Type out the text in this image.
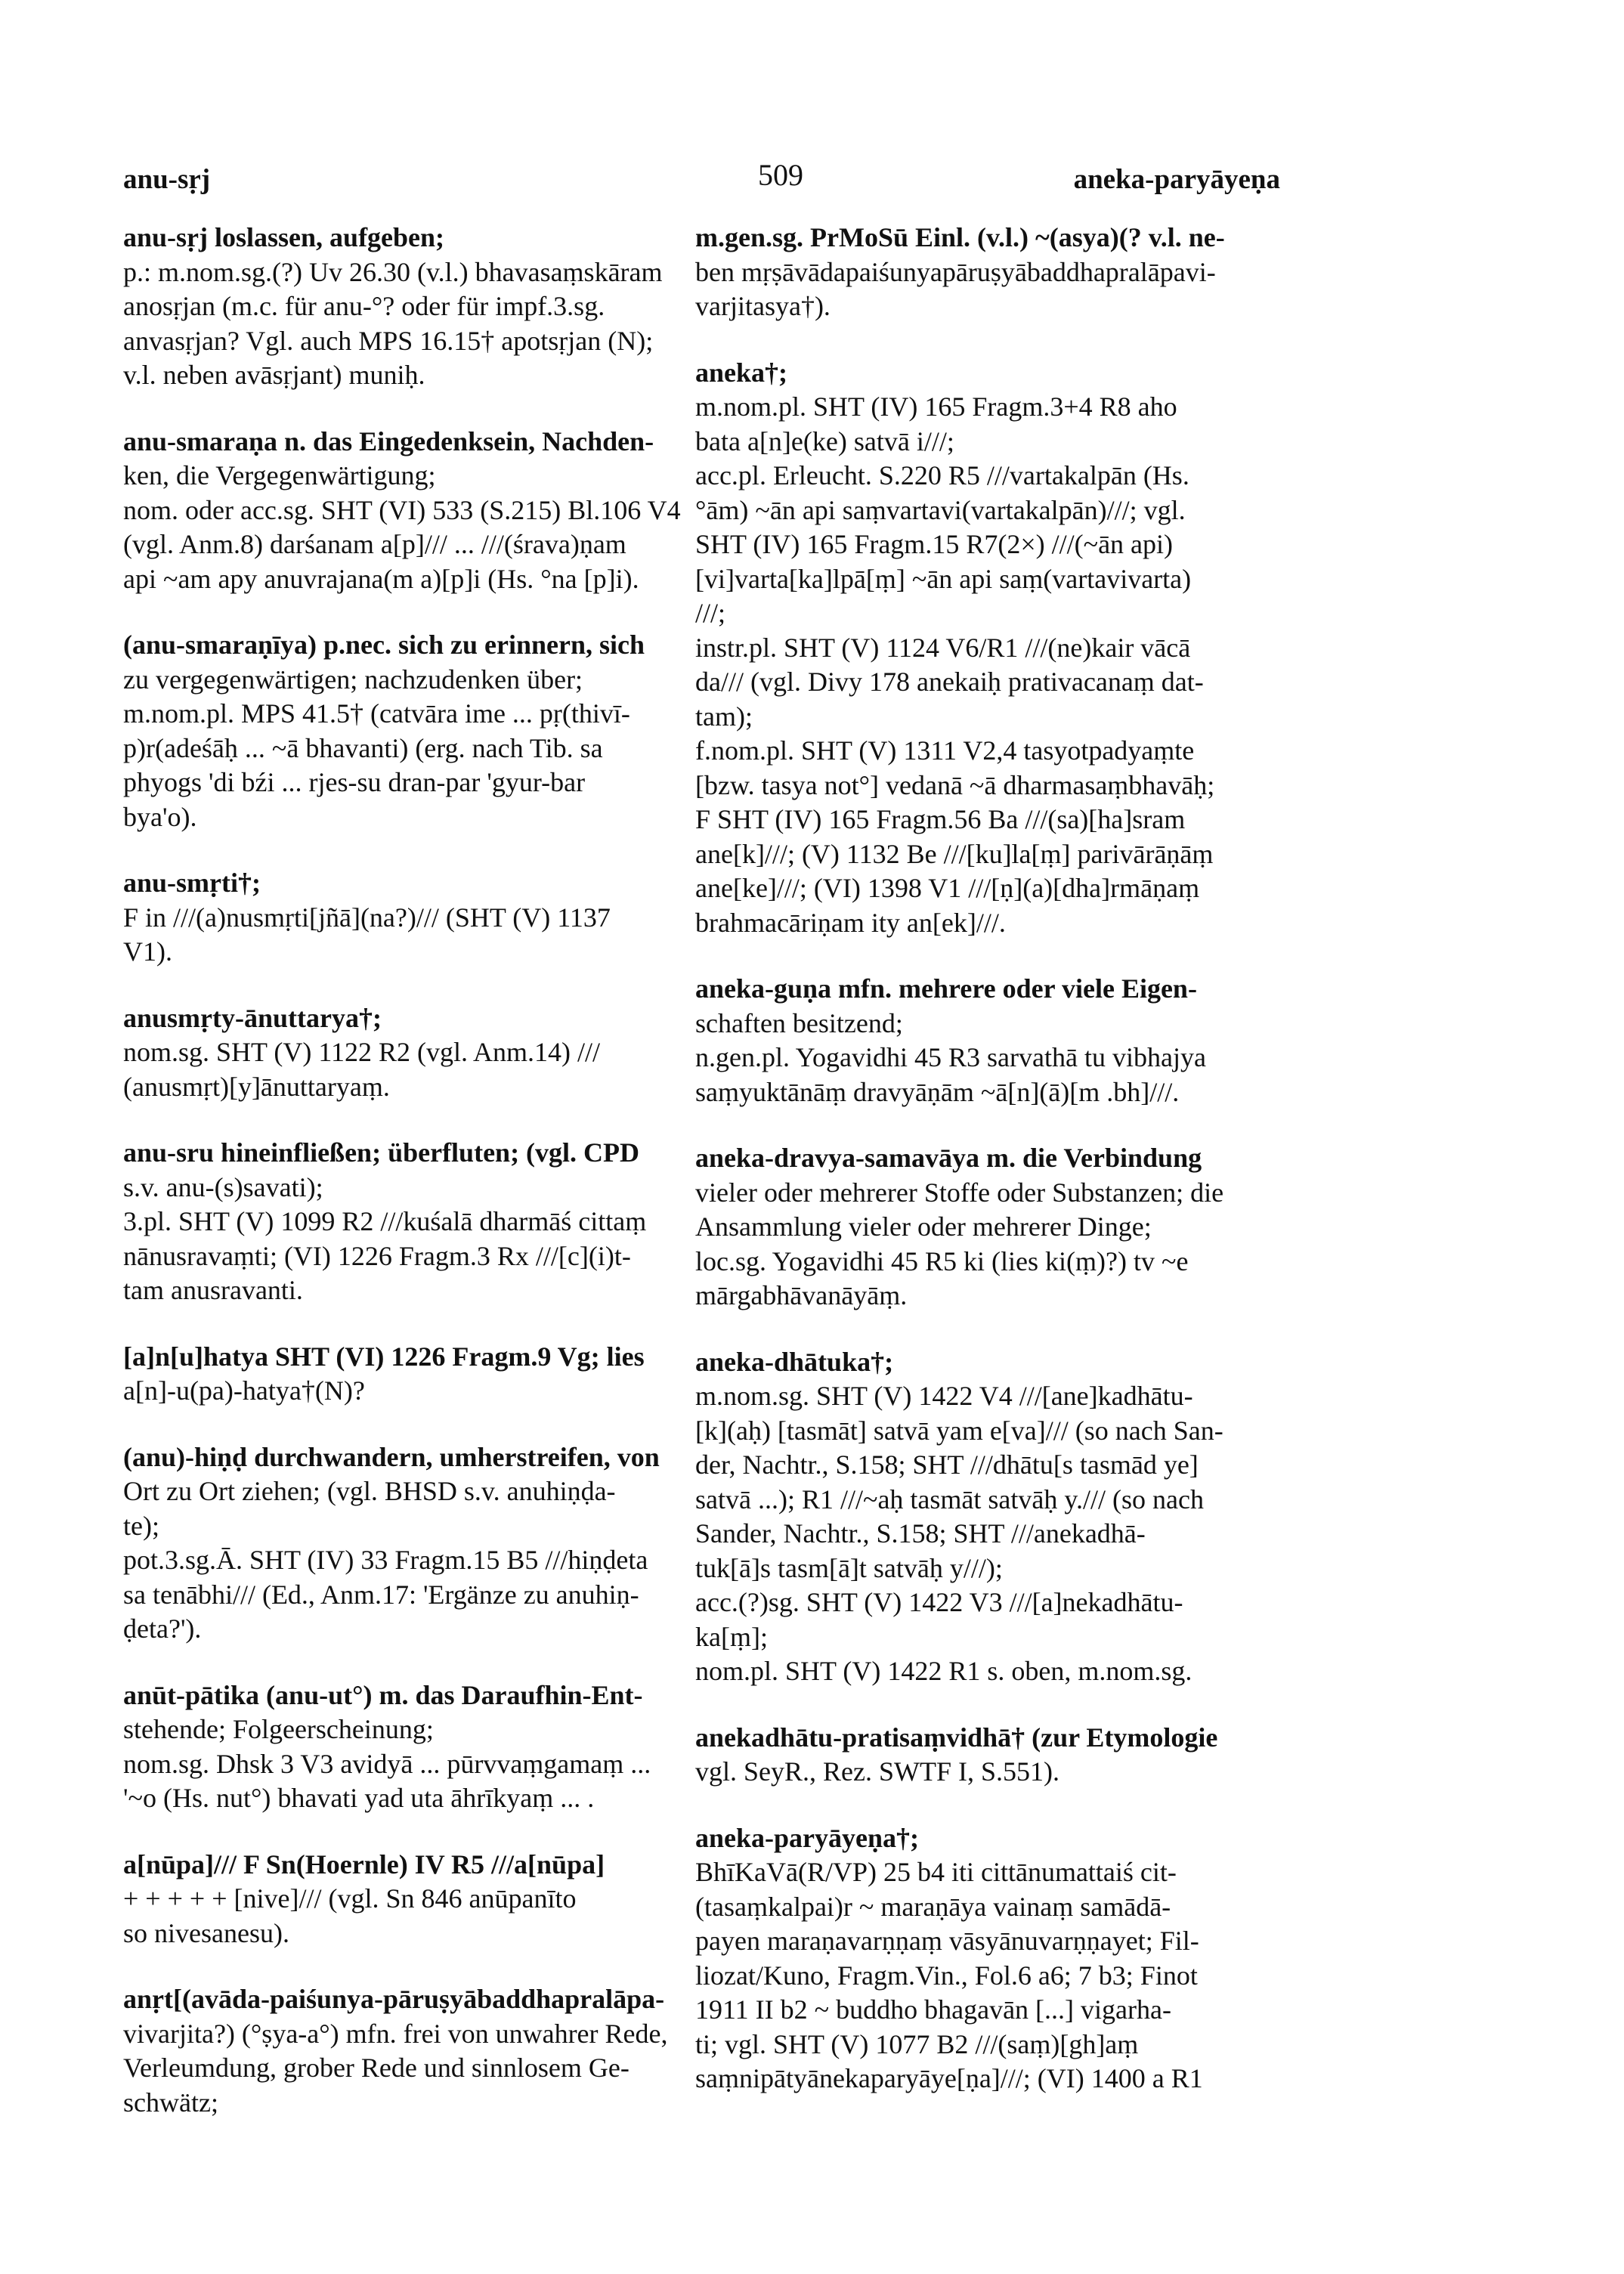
anu-sṛj	509	aneka-paryāyeṇa
anu-sṛj loslassen, aufgeben;
p.: m.nom.sg.(?) Uv 26.30 (v.l.) bhavasaṃskāram
anosṛjan (m.c. für anu-°? oder für impf.3.sg.
anvasṛjan? Vgl. auch MPS 16.15† apotsṛjan (N);
v.l. neben avāsṛjant) muniḥ.
anu-smaraṇa n. das Eingedenksein, Nachden-
ken, die Vergegenwärtigung;
nom. oder acc.sg. SHT (VI) 533 (S.215) Bl.106 V4
(vgl. Anm.8) darśanam a[p]/// ... ///(śrava)ṇam
api ~am apy anuvrajana(m a)[p]i (Hs. °na [p]i).
(anu-smaraṇīya) p.nec. sich zu erinnern, sich
zu vergegenwärtigen; nachzudenken über;
m.nom.pl. MPS 41.5† (catvāra ime ... pṛ(thivī-
p)r(adeśāḥ ... ~ā bhavanti) (erg. nach Tib. sa
phyogs 'di bźi ... rjes-su dran-par 'gyur-bar
bya'o).
anu-smṛti†;
F in ///(a)nusmṛti[jñā](na?)/// (SHT (V) 1137
V1).
anusmṛty-ānuttarya†;
nom.sg. SHT (V) 1122 R2 (vgl. Anm.14) ///
(anusmṛt)[y]ānuttaryaṃ.
anu-sru hineinfließen; überfluten; (vgl. CPD
s.v. anu-(s)savati);
3.pl. SHT (V) 1099 R2 ///kuśalā dharmāś cittaṃ
nānusravaṃti; (VI) 1226 Fragm.3 Rx ///[c](i)t-
tam anusravanti.
[a]n[u]hatya SHT (VI) 1226 Fragm.9 Vg; lies
a[n]-u(pa)-hatya†(N)?
(anu)-hiṇḍ durchwandern, umherstreifen, von
Ort zu Ort ziehen; (vgl. BHSD s.v. anuhiṇḍa-
te);
pot.3.sg.Ā. SHT (IV) 33 Fragm.15 B5 ///hiṇḍeta
sa tenābhi/// (Ed., Anm.17: 'Ergänze zu anuhiṇ-
ḍeta?').
anūt-pātika (anu-ut°) m. das Daraufhin-Ent-
stehende; Folgeerscheinung;
nom.sg. Dhsk 3 V3 avidyā ... pūrvvaṃgamaṃ ...
'~o (Hs. nut°) bhavati yad uta āhrīkyaṃ ... .
a[nūpa]/// F Sn(Hoernle) IV R5 ///a[nūpa]
+ + + + + [nive]/// (vgl. Sn 846 anūpanīto
so nivesanesu).
anṛt[(avāda-paiśunya-pāruṣyābaddhapralāpa-
vivarjita?) (°ṣya-a°) mfn. frei von unwahrer Rede,
Verleumdung, grober Rede und sinnlosem Ge-
schwätz;
m.gen.sg. PrMoSū Einl. (v.l.) ~(asya)(? v.l. ne-
ben mṛṣāvādapaiśunyapāruṣyābaddhapralāpavi-
varjitasya†).
aneka†;
m.nom.pl. SHT (IV) 165 Fragm.3+4 R8 aho
bata a[n]e(ke) satvā i///;
acc.pl. Erleucht. S.220 R5 ///vartakalpān (Hs.
°ām) ~ān api saṃvartavi(vartakalpān)///; vgl.
SHT (IV) 165 Fragm.15 R7(2×) ///(~ān api)
[vi]varta[ka]lpā[ṃ] ~ān api saṃ(vartavivarta)
///;
instr.pl. SHT (V) 1124 V6/R1 ///(ne)kair vācā
da/// (vgl. Divy 178 anekaiḥ prativacanaṃ dat-
tam);
f.nom.pl. SHT (V) 1311 V2,4 tasyotpadyaṃte
[bzw. tasya not°] vedanā ~ā dharmasaṃbhavāḥ;
F SHT (IV) 165 Fragm.56 Ba ///(sa)[ha]sram
ane[k]///; (V) 1132 Be ///[ku]la[ṃ] parivārāṇāṃ
ane[ke]///; (VI) 1398 V1 ///[ṇ](a)[dha]rmāṇaṃ
brahmacāriṇam ity an[ek]///.
aneka-guṇa mfn. mehrere oder viele Eigen-
schaften besitzend;
n.gen.pl. Yogavidhi 45 R3 sarvathā tu vibhajya
saṃyuktānāṃ dravyāṇām ~ā[n](ā)[m .bh]///.
aneka-dravya-samavāya m. die Verbindung
vieler oder mehrerer Stoffe oder Substanzen; die
Ansammlung vieler oder mehrerer Dinge;
loc.sg. Yogavidhi 45 R5 ki (lies ki(ṃ)?) tv ~e
mārgabhāvanāyāṃ.
aneka-dhātuka†;
m.nom.sg. SHT (V) 1422 V4 ///[ane]kadhātu-
[k](aḥ) [tasmāt] satvā yam e[va]/// (so nach San-
der, Nachtr., S.158; SHT ///dhātu[s tasmād ye]
satvā ...); R1 ///~aḥ tasmāt satvāḥ y./// (so nach
Sander, Nachtr., S.158; SHT ///anekadhā-
tuk[ā]s tasm[ā]t satvāḥ y///);
acc.(?)sg. SHT (V) 1422 V3 ///[a]nekadhātu-
ka[ṃ];
nom.pl. SHT (V) 1422 R1 s. oben, m.nom.sg.
anekadhātu-pratisaṃvidhā† (zur Etymologie
vgl. SeyR., Rez. SWTF I, S.551).
aneka-paryāyeṇa†;
BhīKaVā(R/VP) 25 b4 iti cittānumattaiś cit-
(tasaṃkalpai)r ~ maraṇāya vainaṃ samādā-
payen maraṇavarṇṇaṃ vāsyānuvarṇṇayet; Fil-
liozat/Kuno, Fragm.Vin., Fol.6 a6; 7 b3; Finot
1911 II b2 ~ buddho bhagavān [...] vigarha-
ti; vgl. SHT (V) 1077 B2 ///(saṃ)[gh]aṃ
saṃnipātyānekaparyāye[ṇa]///; (VI) 1400 a R1
